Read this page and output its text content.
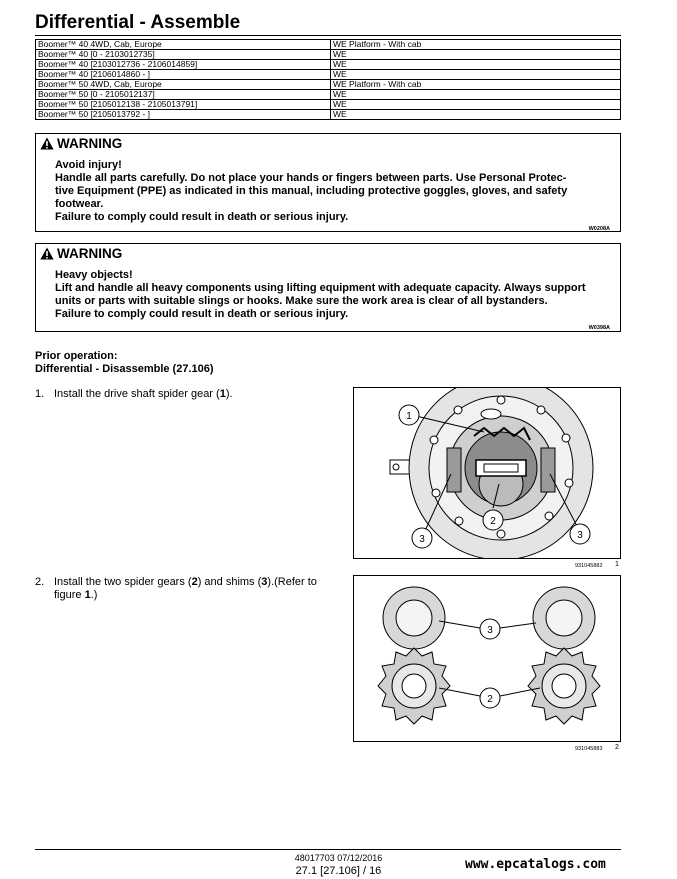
Differential - Assemble
Boomer™ 40 4WD, Cab, Europe	WE Platform - With cab
Boomer™ 40 [0 - 2103012735]	WE
Boomer™ 40 [2103012736 - 2106014859]	WE
Boomer™ 40 [2106014860 - ]	WE
Boomer™ 50 4WD, Cab, Europe	WE Platform - With cab
Boomer™ 50 [0 - 2105012137]	WE
Boomer™ 50 [2105012138 - 2105013791]	WE
Boomer™ 50 [2105013792 - ]	WE
WARNING
Avoid injury!
Handle all parts carefully. Do not place your hands or fingers between parts. Use Personal Protec-
tive Equipment (PPE) as indicated in this manual, including protective goggles, gloves, and safety
footwear.
Failure to comply could result in death or serious injury.
W0208A
WARNING
Heavy objects!
Lift and handle all heavy components using lifting equipment with adequate capacity. Always support
units or parts with suitable slings or hooks. Make sure the work area is clear of all bystanders.
Failure to comply could result in death or serious injury.
W0398A
Prior operation:
Differential - Disassemble (27.106)
1. Install the drive shaft spider gear (1).
2. Install the two spider gears (2) and shims (3).(Refer to figure 1.)
1
2
3	3
931045882 1
3
2
931045883 2
48017703 07/12/2016
27.1 [27.106] / 16	www.epcatalogs.com
